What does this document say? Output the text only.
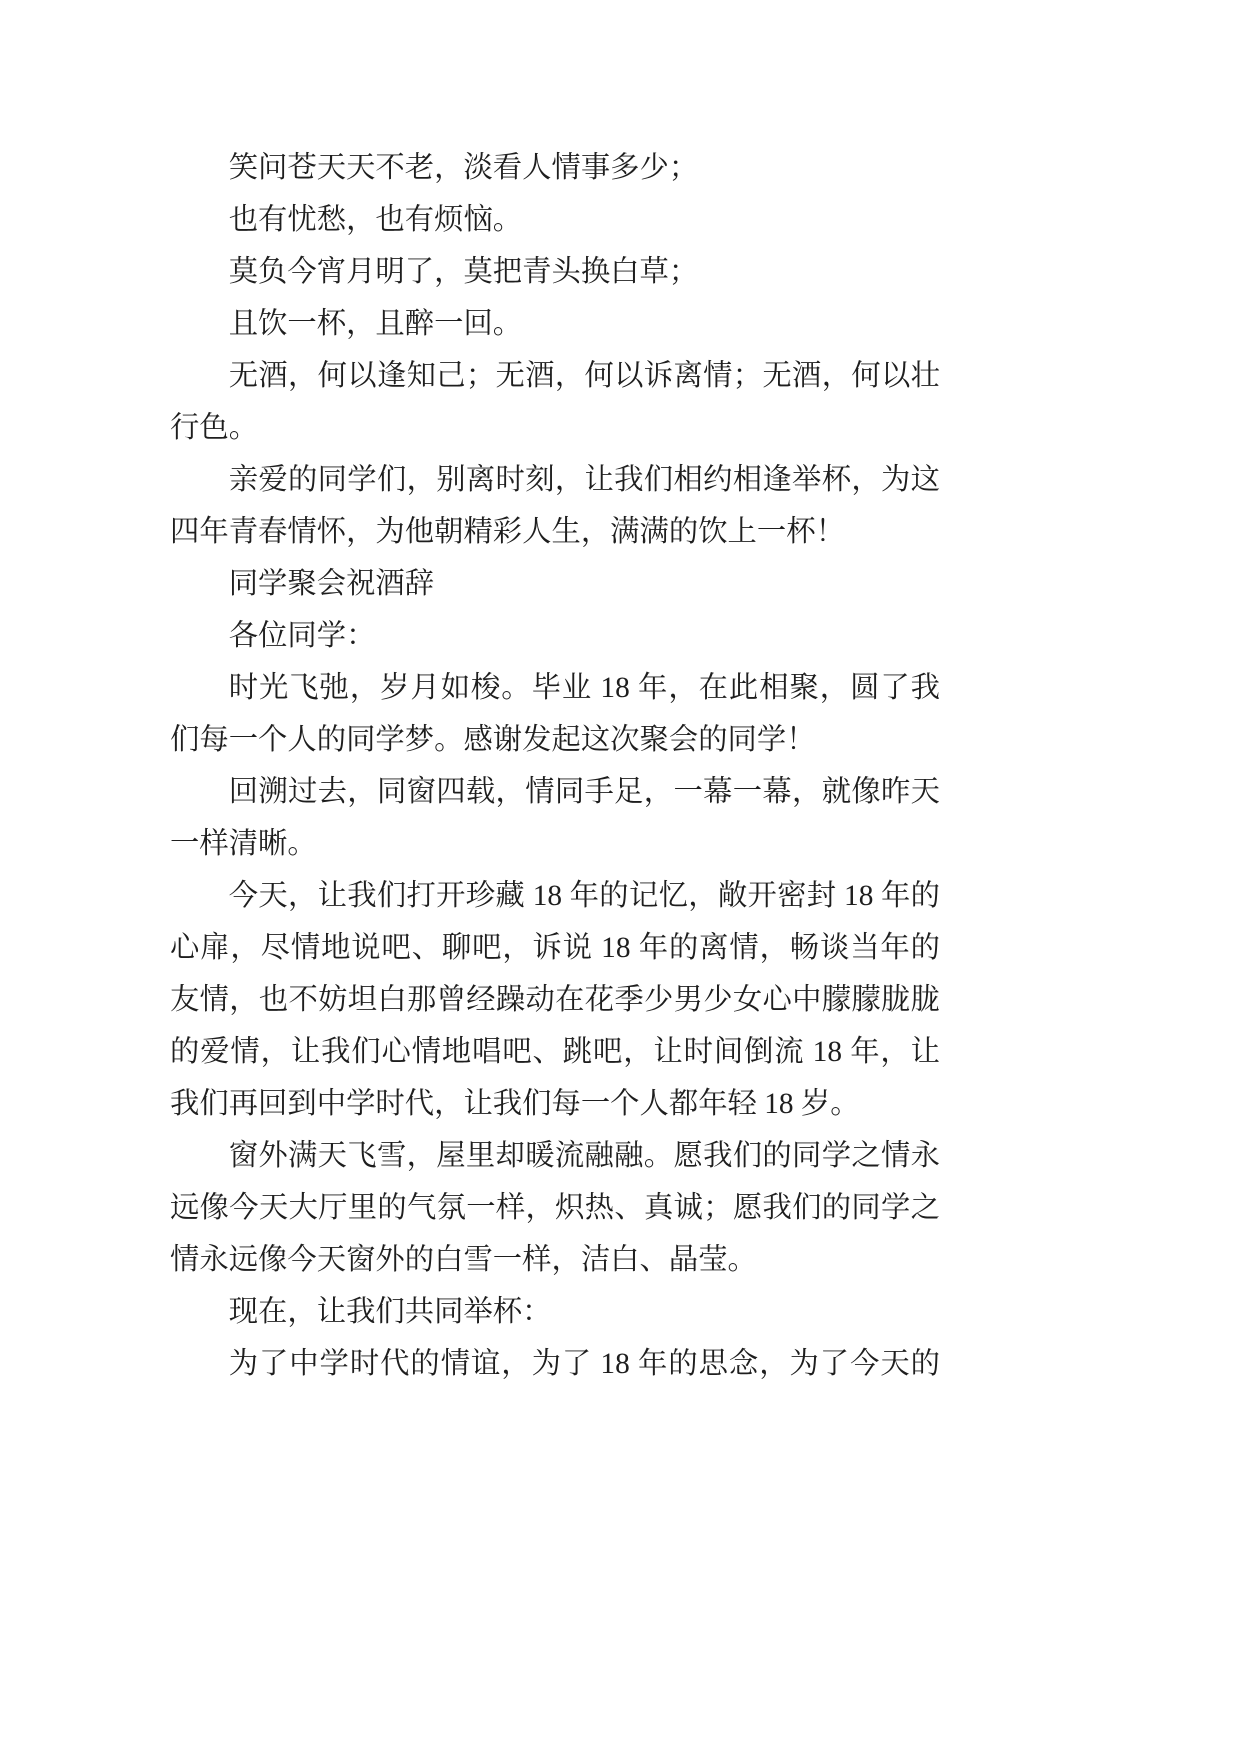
笑问苍天天不老，淡看人情事多少；

也有忧愁，也有烦恼。

莫负今宵月明了，莫把青头换白草；

且饮一杯，且醉一回。

无酒，何以逢知己；无酒，何以诉离情；无酒，何以壮行色。

亲爱的同学们，别离时刻，让我们相约相逢举杯，为这四年青春情怀，为他朝精彩人生，满满的饮上一杯！

同学聚会祝酒辞

各位同学：

时光飞弛，岁月如梭。毕业 18 年，在此相聚，圆了我们每一个人的同学梦。感谢发起这次聚会的同学！

回溯过去，同窗四载，情同手足，一幕一幕，就像昨天一样清晰。

今天，让我们打开珍藏 18 年的记忆，敞开密封 18 年的心扉，尽情地说吧、聊吧，诉说 18 年的离情，畅谈当年的友情，也不妨坦白那曾经躁动在花季少男少女心中朦朦胧胧的爱情，让我们心情地唱吧、跳吧，让时间倒流 18 年，让我们再回到中学时代，让我们每一个人都年轻 18 岁。

窗外满天飞雪，屋里却暖流融融。愿我们的同学之情永远像今天大厅里的气氛一样，炽热、真诚；愿我们的同学之情永远像今天窗外的白雪一样，洁白、晶莹。

现在，让我们共同举杯：

为了中学时代的情谊，为了 18 年的思念，为了今天的
